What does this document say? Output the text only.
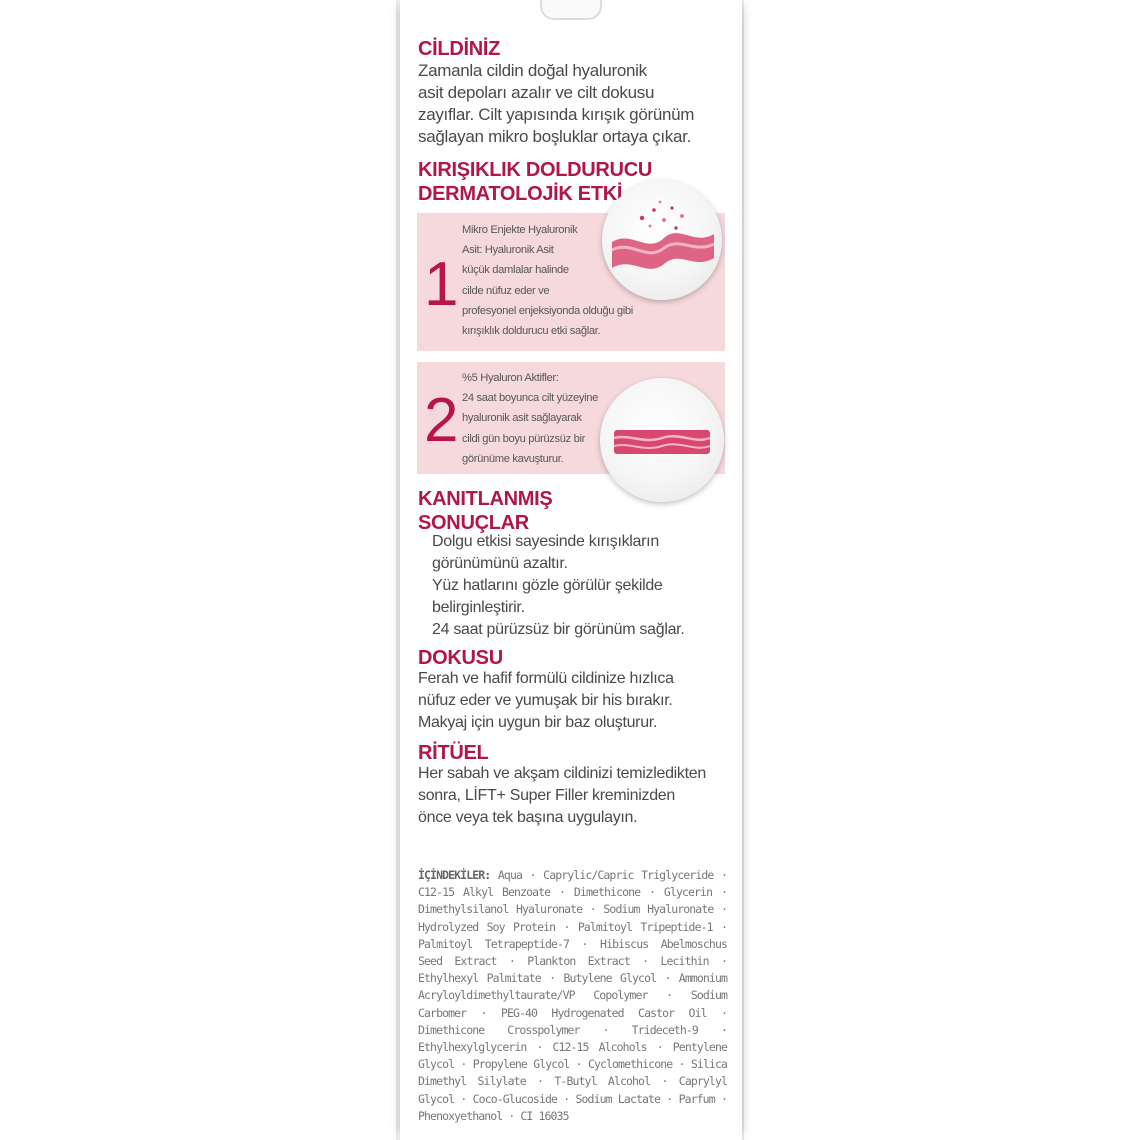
CİLDİNİZ
Zamanla cildin doğal hyaluronik
asit depoları azalır ve cilt dokusu
zayıflar. Cilt yapısında kırışık görünüm
sağlayan mikro boşluklar ortaya çıkar.
KIRIŞIKLIK DOLDURUCU
DERMATOLOJİK ETKİ
1
Mikro Enjekte Hyaluronik
Asit: Hyaluronik Asit
küçük damlalar halinde
cilde nüfuz eder ve
profesyonel enjeksiyonda olduğu gibi
kırışıklık doldurucu etki sağlar.
2
%5 Hyaluron Aktifler:
24 saat boyunca cilt yüzeyine
hyaluronik asit sağlayarak
cildi gün boyu pürüzsüz bir
görünüme kavuşturur.
KANITLANMIŞ
SONUÇLAR
Dolgu etkisi sayesinde kırışıkların
görünümünü azaltır.
Yüz hatlarını gözle görülür şekilde
belirginleştirir.
24 saat pürüzsüz bir görünüm sağlar.
DOKUSU
Ferah ve hafif formülü cildinize hızlıca
nüfuz eder ve yumuşak bir his bırakır.
Makyaj için uygun bir baz oluşturur.
RİTÜEL
Her sabah ve akşam cildinizi temizledikten
sonra, LİFT+ Super Filler kreminizden
önce veya tek başına uygulayın.
İÇİNDEKİLER: Aqua · Caprylic/Capric Triglyceride · C12-15 Alkyl Benzoate · Dimethicone · Glycerin · Dimethylsilanol Hyaluronate · Sodium Hyaluronate · Hydrolyzed Soy Protein · Palmitoyl Tripeptide-1 · Palmitoyl Tetrapeptide-7 · Hibiscus Abelmoschus Seed Extract · Plankton Extract · Lecithin · Ethylhexyl Palmitate · Butylene Glycol · Ammonium Acryloyldimethyltaurate/VP Copolymer · Sodium Carbomer · PEG-40 Hydrogenated Castor Oil · Dimethicone Crosspolymer · Trideceth-9 · Ethylhexylglycerin · C12-15 Alcohols · Pentylene Glycol · Propylene Glycol · Cyclomethicone · Silica Dimethyl Silylate · T-Butyl Alcohol · Caprylyl Glycol · Coco-Glucoside · Sodium Lactate · Parfum · Phenoxyethanol · CI 16035
